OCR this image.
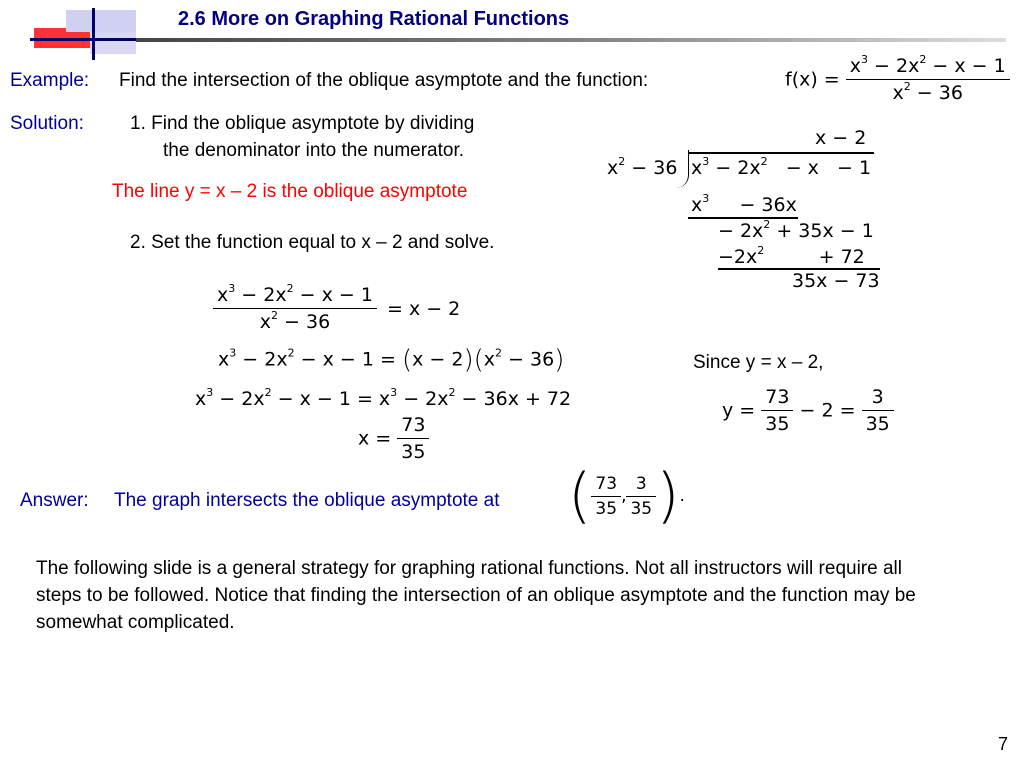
2.6 More on Graphing Rational Functions
Example: Find the intersection of the oblique asymptote and the function:	$f(x) = \frac{x^3 - 2x^2 - x - 1}{x^2 - 36}$
Solution: 1. Find the oblique asymptote by dividing
the denominator into the numerator.
The line y = x – 2 is the oblique asymptote
2. Set the function equal to x – 2 and solve.
x − 2
$x^2 - 36$ $x^3 - 2x^2 - x - 1$
$x^3$     − 36x
− $2x^2 + 35x - 1$
$-2x^2$         + 72
35x − 73
$\frac{x^3 - 2x^2 - x - 1}{x^2 - 36} = x - 2$
$x^3 - 2x^2 - x - 1 = (x - 2)(x^2 - 36)$
$x^3 - 2x^2 - x - 1 = x^3 - 2x^2 - 36x + 72$
$x = \frac{73}{35}$
Since y = x – 2,
$y = \frac{73}{35} - 2 = \frac{3}{35}$
Answer: The graph intersects the oblique asymptote at ( $\frac{73}{35}$ , $\frac{3}{35}$ ).
The following slide is a general strategy for graphing rational functions. Not all instructors will require all steps to be followed. Notice that finding the intersection of an oblique asymptote and the function may be somewhat complicated.
7
